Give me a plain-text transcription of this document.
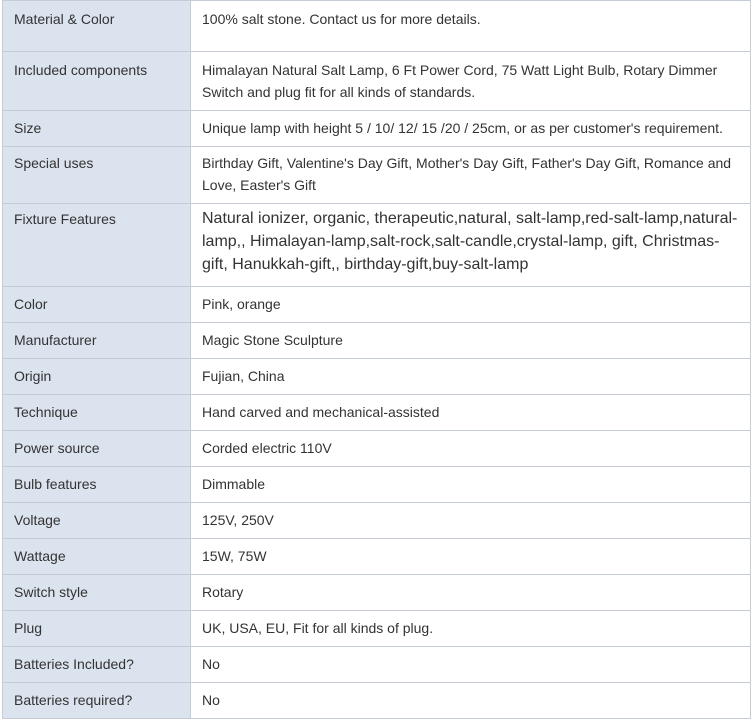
Material & Color	100% salt stone. Contact us for more details.
Included components	Himalayan Natural Salt Lamp, 6 Ft Power Cord, 75 Watt Light Bulb, Rotary Dimmer Switch and plug fit for all kinds of standards.
Size	Unique lamp with height 5 / 10/ 12/ 15 /20 / 25cm, or as per customer's requirement.
Special uses	Birthday Gift, Valentine's Day Gift, Mother's Day Gift, Father's Day Gift, Romance and Love, Easter's Gift
Fixture Features	Natural ionizer, organic, therapeutic,natural, salt-lamp,red-salt-lamp,natural-lamp,, Himalayan-lamp,salt-rock,salt-candle,crystal-lamp, gift, Christmas-gift, Hanukkah-gift,, birthday-gift,buy-salt-lamp
Color	Pink, orange
Manufacturer	Magic Stone Sculpture
Origin	Fujian, China
Technique	Hand carved and mechanical-assisted
Power source	Corded electric 110V
Bulb features	Dimmable
Voltage	125V, 250V
Wattage	15W, 75W
Switch style	Rotary
Plug	UK, USA, EU, Fit for all kinds of plug.
Batteries Included?	No
Batteries required?	No
